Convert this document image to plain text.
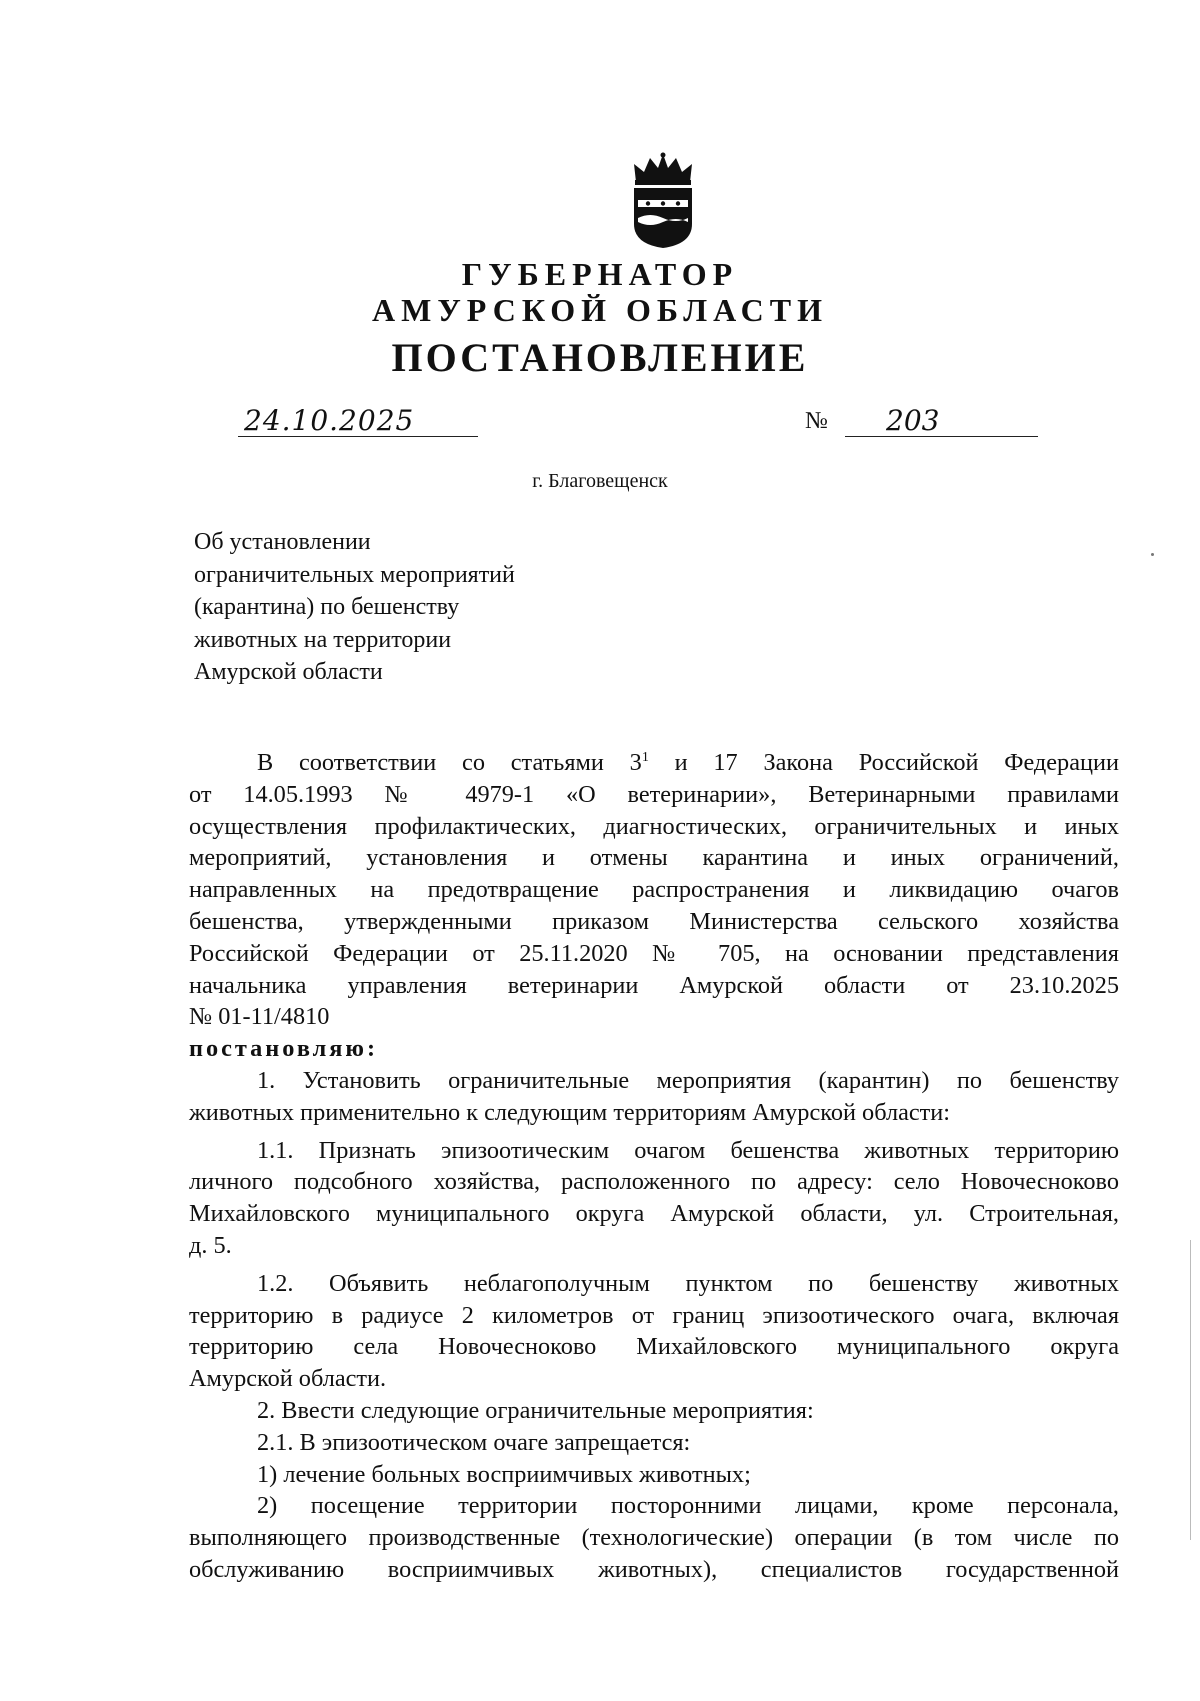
ГУБЕРНАТОР
АМУРСКОЙ ОБЛАСТИ
ПОСТАНОВЛЕНИЕ
24.10.2025	№ 203
г. Благовещенск
Об установлении
ограничительных мероприятий
(карантина) по бешенству
животных на территории
Амурской области
В соответствии со статьями $3^1$ и 17 Закона Российской Федерации
от 14.05.1993 № 4979-1 «О ветеринарии», Ветеринарными правилами
осуществления профилактических, диагностических, ограничительных и иных
мероприятий, установления и отмены карантина и иных ограничений,
направленных на предотвращение распространения и ликвидацию очагов
бешенства, утвержденными приказом Министерства сельского хозяйства
Российской Федерации от 25.11.2020 № 705, на основании представления
начальника управления ветеринарии Амурской области от 23.10.2025
№ 01-11/4810
постановляю:
1. Установить ограничительные мероприятия (карантин) по бешенству
животных применительно к следующим территориям Амурской области:
1.1. Признать эпизоотическим очагом бешенства животных территорию
личного подсобного хозяйства, расположенного по адресу: село Новочесноково
Михайловского муниципального округа Амурской области, ул. Строительная,
д. 5.
1.2. Объявить неблагополучным пунктом по бешенству животных
территорию в радиусе 2 километров от границ эпизоотического очага, включая
территорию села Новочесноково Михайловского муниципального округа
Амурской области.
2. Ввести следующие ограничительные мероприятия:
2.1. В эпизоотическом очаге запрещается:
1) лечение больных восприимчивых животных;
2) посещение территории посторонними лицами, кроме персонала,
выполняющего производственные (технологические) операции (в том числе по
обслуживанию восприимчивых животных), специалистов государственной
